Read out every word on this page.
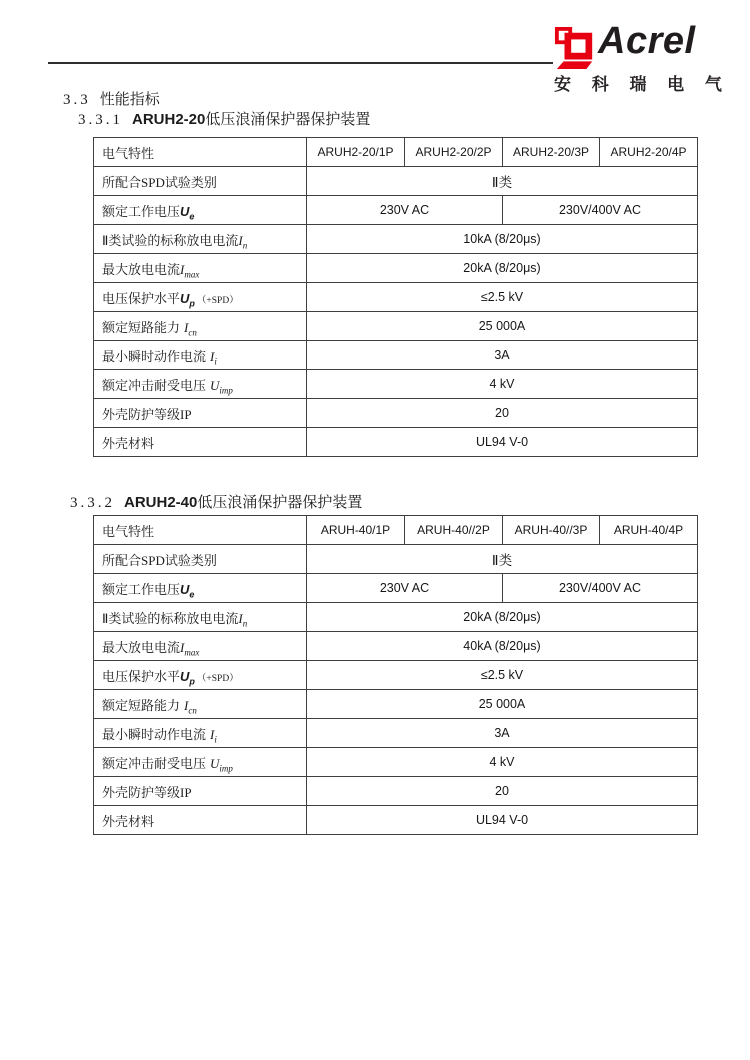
Acrel
安 科 瑞 电 气
3.3 性能指标
3.3.1 ARUH2-20低压浪涌保护器保护装置
电气特性	ARUH2-20/1P	ARUH2-20/2P	ARUH2-20/3P	ARUH2-20/4P
所配合SPD试验类别	Ⅱ类			
额定工作电压$U_e$	230V AC		230V/400V AC	
Ⅱ类试验的标称放电电流$I_n$	10kA (8/20μs)			
最大放电电流$I_{max}$	20kA (8/20μs)			
电压保护水平$U_p$ （+SPD）	≤2.5 kV			
额定短路能力 $I_{cn}$	25 000A			
最小瞬时动作电流 $I_i$	3A			
额定冲击耐受电压 $U_{imp}$	4 kV			
外壳防护等级IP	20			
外壳材料	UL94 V-0			
3.3.2 ARUH2-40低压浪涌保护器保护装置
电气特性	ARUH-40/1P	ARUH-40//2P	ARUH-40//3P	ARUH-40/4P
所配合SPD试验类别	Ⅱ类			
额定工作电压$U_e$	230V AC		230V/400V AC	
Ⅱ类试验的标称放电电流$I_n$	20kA (8/20μs)			
最大放电电流$I_{max}$	40kA (8/20μs)			
电压保护水平$U_p$ （+SPD）	≤2.5 kV			
额定短路能力 $I_{cn}$	25 000A			
最小瞬时动作电流 $I_i$	3A			
额定冲击耐受电压 $U_{imp}$	4 kV			
外壳防护等级IP	20			
外壳材料	UL94 V-0			
